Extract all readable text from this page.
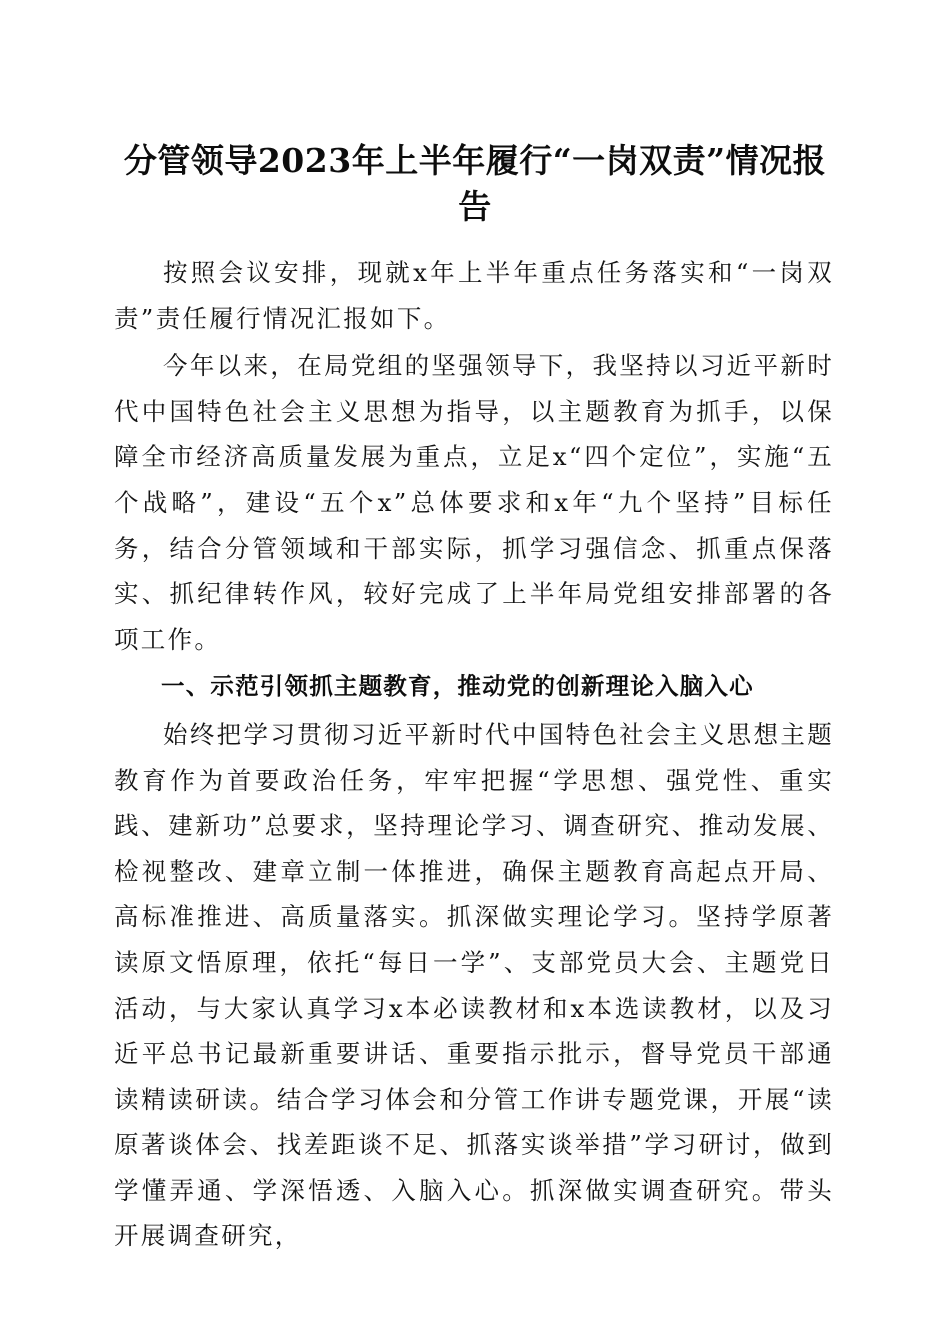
分管领导2023年上半年履行“一岗双责”情况报告

按照会议安排，现就x年上半年重点任务落实和“一岗双责”责任履行情况汇报如下。

今年以来，在局党组的坚强领导下，我坚持以习近平新时代中国特色社会主义思想为指导，以主题教育为抓手，以保障全市经济高质量发展为重点，立足x“四个定位”，实施“五个战略”，建设“五个x”总体要求和x年“九个坚持”目标任务，结合分管领域和干部实际，抓学习强信念、抓重点保落实、抓纪律转作风，较好完成了上半年局党组安排部署的各项工作。

一、示范引领抓主题教育，推动党的创新理论入脑入心

始终把学习贯彻习近平新时代中国特色社会主义思想主题教育作为首要政治任务，牢牢把握“学思想、强党性、重实践、建新功”总要求，坚持理论学习、调查研究、推动发展、检视整改、建章立制一体推进，确保主题教育高起点开局、高标准推进、高质量落实。抓深做实理论学习。坚持学原著读原文悟原理，依托“每日一学”、支部党员大会、主题党日活动，与大家认真学习x本必读教材和x本选读教材，以及习近平总书记最新重要讲话、重要指示批示，督导党员干部通读精读研读。结合学习体会和分管工作讲专题党课，开展“读原著谈体会、找差距谈不足、抓落实谈举措”学习研讨，做到学懂弄通、学深悟透、入脑入心。抓深做实调查研究。带头开展调查研究，
